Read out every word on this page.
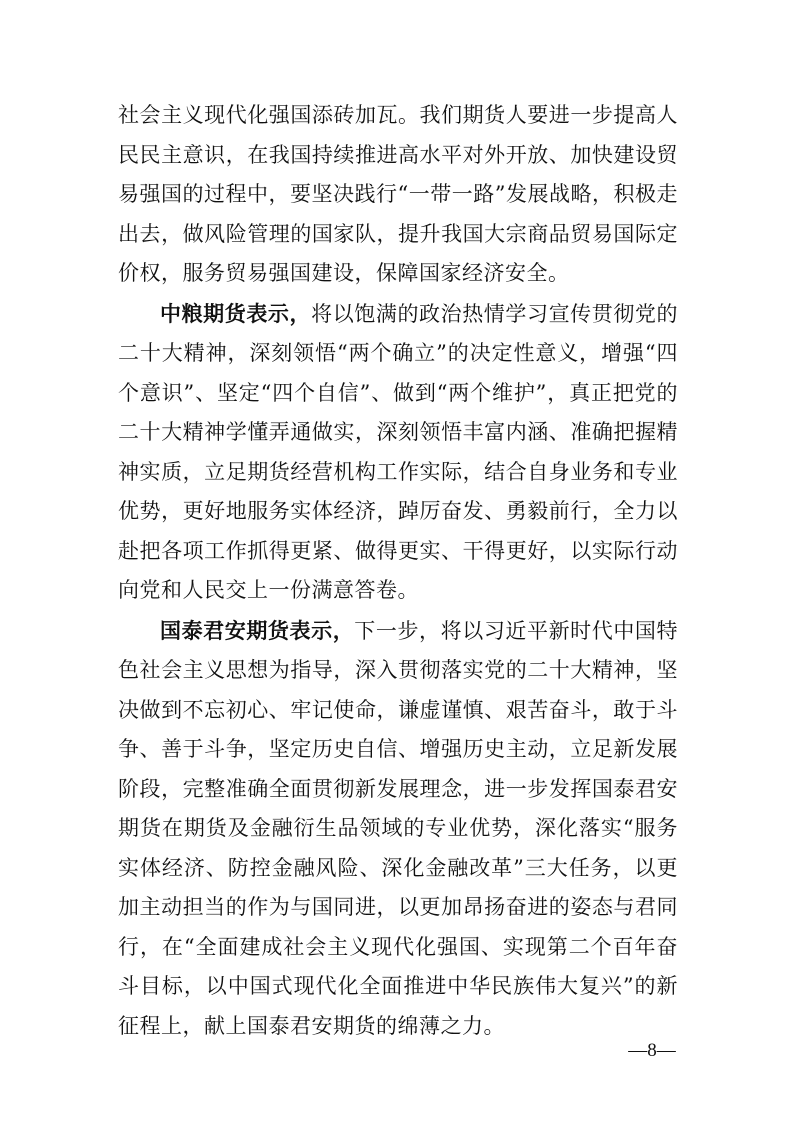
社会主义现代化强国添砖加瓦。我们期货人要进一步提高人民民主意识，在我国持续推进高水平对外开放、加快建设贸易强国的过程中，要坚决践行“一带一路”发展战略，积极走出去，做风险管理的国家队，提升我国大宗商品贸易国际定价权，服务贸易强国建设，保障国家经济安全。

中粮期货表示，将以饱满的政治热情学习宣传贯彻党的二十大精神，深刻领悟“两个确立”的决定性意义，增强“四个意识”、坚定“四个自信”、做到“两个维护”，真正把党的二十大精神学懂弄通做实，深刻领悟丰富内涵、准确把握精神实质，立足期货经营机构工作实际，结合自身业务和专业优势，更好地服务实体经济，踔厉奋发、勇毅前行，全力以赴把各项工作抓得更紧、做得更实、干得更好，以实际行动向党和人民交上一份满意答卷。

国泰君安期货表示，下一步，将以习近平新时代中国特色社会主义思想为指导，深入贯彻落实党的二十大精神，坚决做到不忘初心、牢记使命，谦虚谨慎、艰苦奋斗，敢于斗争、善于斗争，坚定历史自信、增强历史主动，立足新发展阶段，完整准确全面贯彻新发展理念，进一步发挥国泰君安期货在期货及金融衍生品领域的专业优势，深化落实“服务实体经济、防控金融风险、深化金融改革”三大任务，以更加主动担当的作为与国同进，以更加昂扬奋进的姿态与君同行，在“全面建成社会主义现代化强国、实现第二个百年奋斗目标，以中国式现代化全面推进中华民族伟大复兴”的新征程上，献上国泰君安期货的绵薄之力。

—8—
